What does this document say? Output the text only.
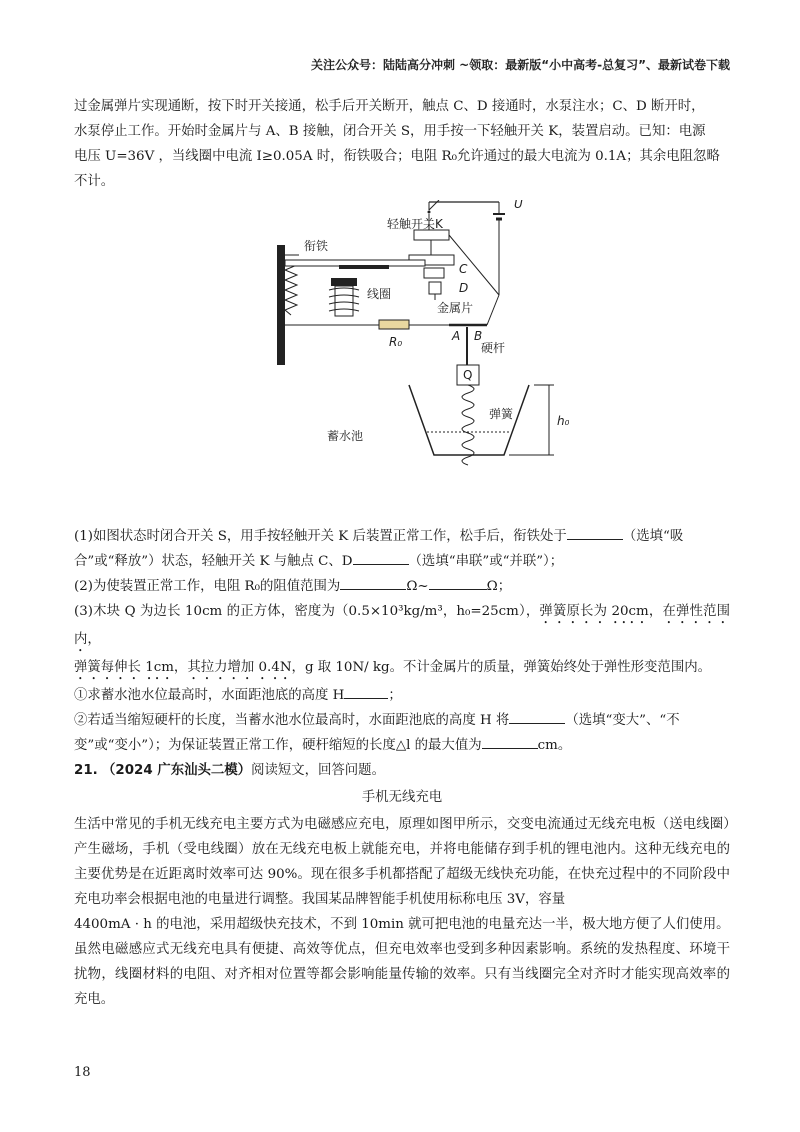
关注公众号：陆陆高分冲刺 ~领取：最新版“小中高考-总复习”、最新试卷下载

过金属弹片实现通断，按下时开关接通，松手后开关断开，触点 C、D 接通时，水泵注水；C、D 断开时，

水泵停止工作。开始时金属片与 A、B 接触，闭合开关 S，用手按一下轻触开关 K，装置启动。已知：电源

电压 U=36V ，当线圈中电流 I≥0.05A 时，衔铁吸合；电阻 R₀允许通过的最大电流为 0.1A；其余电阻忽略

不计。

U
轻触开关K
C
D
衔铁
线圈
R₀
金属片
A B
硬杆
Q
弹簧
蓄水池
h₀

(1)如图状态时闭合开关 S，用手按轻触开关 K 后装置正常工作，松手后，衔铁处于	（选填“吸

合”或“释放”）状态，轻触开关 K 与触点 C、D	（选填“串联”或“并联”）；

(2)为使装置正常工作，电阻 R₀的阻值范围为	Ω~	Ω；

(3)木块 Q 为边长 10cm 的正方体，密度为（0.5×10³kg/m³，h₀=25cm），弹簧原长为 20cm，在弹性范围内，

弹簧每伸长 1cm，其拉力增加 0.4N，g 取 10N/ kg。不计金属片的质量，弹簧始终处于弹性形变范围内。

①求蓄水池水位最高时，水面距池底的高度 H	；

②若适当缩短硬杆的长度，当蓄水池水位最高时，水面距池底的高度 H 将	（选填“变大”、“不

变”或“变小”）；为保证装置正常工作，硬杆缩短的长度△l 的最大值为	cm。

21. （2024 广东汕头二模）阅读短文，回答问题。

手机无线充电

生活中常见的手机无线充电主要方式为电磁感应充电，原理如图甲所示，交变电流通过无线充电板（送电线圈）产生磁场，手机（受电线圈）放在无线充电板上就能充电，并将电能储存到手机的锂电池内。这种无线充电的主要优势是在近距离时效率可达 90%。现在很多手机都搭配了超级无线快充功能，在快充过程中的不同阶段中充电功率会根据电池的电量进行调整。我国某品牌智能手机使用标称电压 3V，容量

4400mA · h 的电池，采用超级快充技术，不到 10min 就可把电池的电量充达一半，极大地方便了人们使用。

虽然电磁感应式无线充电具有便捷、高效等优点，但充电效率也受到多种因素影响。系统的发热程度、环境干扰物，线圈材料的电阻、对齐相对位置等都会影响能量传输的效率。只有当线圈完全对齐时才能实现高效率的充电。

18
